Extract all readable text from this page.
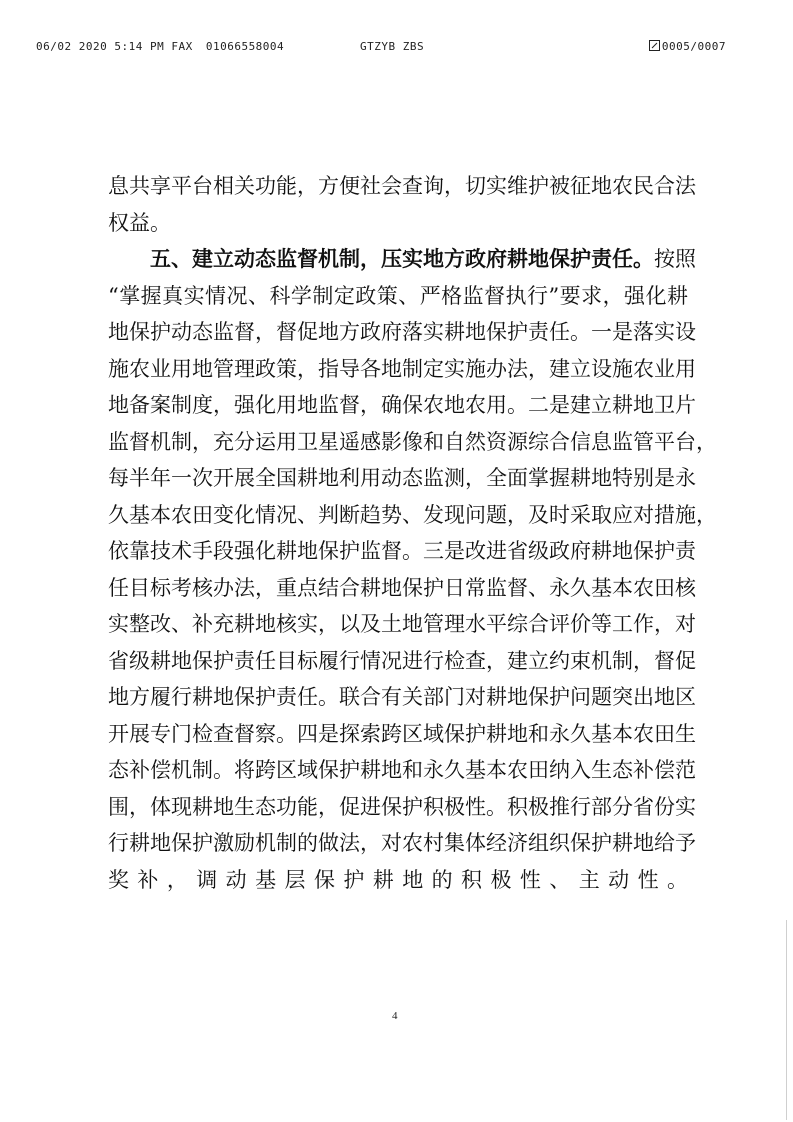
06/02 2020 5:14 PM FAX 01066558004	GTZYB ZBS	0005/0007
息共享平台相关功能，方便社会查询，切实维护被征地农民合法
权益。
五、建立动态监督机制，压实地方政府耕地保护责任。按照
“掌握真实情况、科学制定政策、严格监督执行”要求，强化耕
地保护动态监督，督促地方政府落实耕地保护责任。一是落实设
施农业用地管理政策，指导各地制定实施办法，建立设施农业用
地备案制度，强化用地监督，确保农地农用。二是建立耕地卫片
监督机制，充分运用卫星遥感影像和自然资源综合信息监管平台，
每半年一次开展全国耕地利用动态监测，全面掌握耕地特别是永
久基本农田变化情况、判断趋势、发现问题，及时采取应对措施，
依靠技术手段强化耕地保护监督。三是改进省级政府耕地保护责
任目标考核办法，重点结合耕地保护日常监督、永久基本农田核
实整改、补充耕地核实，以及土地管理水平综合评价等工作，对
省级耕地保护责任目标履行情况进行检查，建立约束机制，督促
地方履行耕地保护责任。联合有关部门对耕地保护问题突出地区
开展专门检查督察。四是探索跨区域保护耕地和永久基本农田生
态补偿机制。将跨区域保护耕地和永久基本农田纳入生态补偿范
围，体现耕地生态功能，促进保护积极性。积极推行部分省份实
行耕地保护激励机制的做法，对农村集体经济组织保护耕地给予
奖补，调动基层保护耕地的积极性、主动性。
4
